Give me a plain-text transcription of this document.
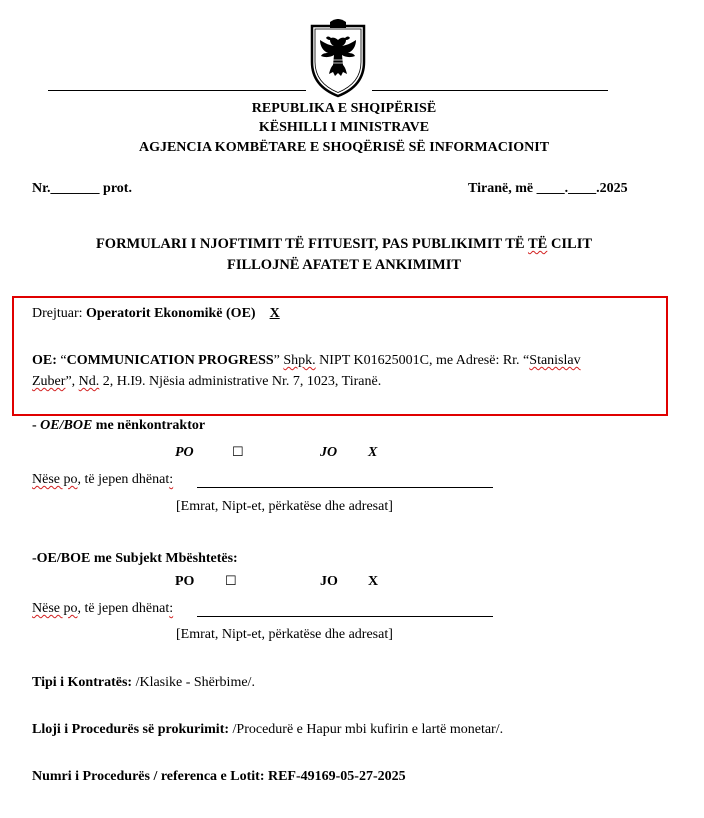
REPUBLIKA E SHQIPËRISË
KËSHILLI I MINISTRAVE
AGJENCIA KOMBËTARE E SHOQËRISË SË INFORMACIONIT
Nr._______ prot.	Tiranë, më ____.____.2025
FORMULARI I NJOFTIMIT TË FITUESIT, PAS PUBLIKIMIT TË TË CILIT
FILLOJNË AFATET E ANKIMIMIT
Drejtuar: Operatorit Ekonomikë (OE) X
OE: “COMMUNICATION PROGRESS” Shpk. NIPT K01625001C, me Adresë: Rr. “Stanislav
Zuber”, Nd. 2, H.I9. Njësia administrative Nr. 7, 1023, Tiranë.
- OE/BOE me nënkontraktor
PO	☐	JO X
Nëse po, të jepen dhënat:
[Emrat, Nipt-et, përkatëse dhe adresat]
-OE/BOE me Subjekt Mbështetës:
PO ☐	JO X
Nëse po, të jepen dhënat:
[Emrat, Nipt-et, përkatëse dhe adresat]
Tipi i Kontratës: /Klasike - Shërbime/.
Lloji i Procedurës së prokurimit: /Procedurë e Hapur mbi kufirin e lartë monetar/.
Numri i Procedurës / referenca e Lotit: REF-49169-05-27-2025
